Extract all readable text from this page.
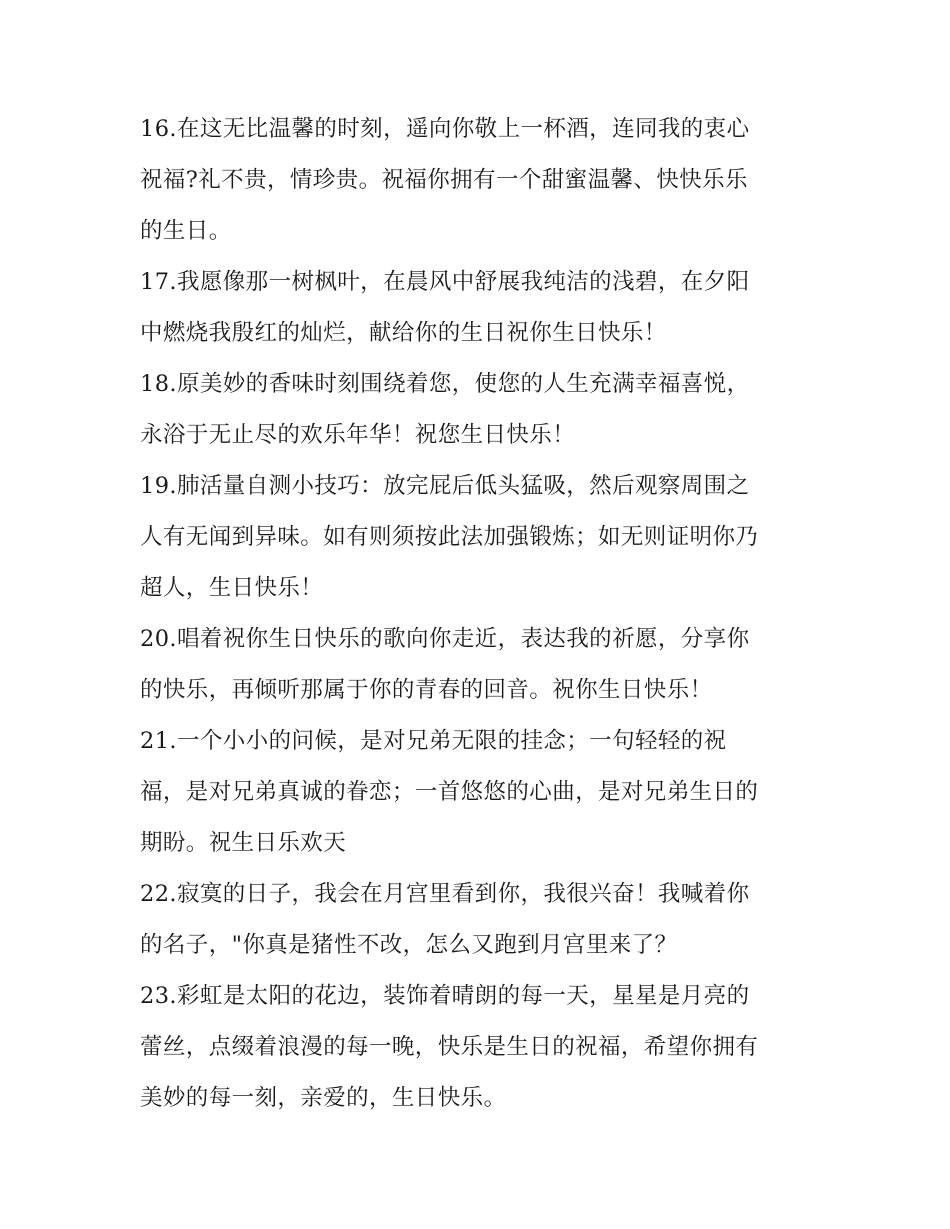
16.在这无比温馨的时刻，遥向你敬上一杯酒，连同我的衷心
祝福?礼不贵，情珍贵。祝福你拥有一个甜蜜温馨、快快乐乐
的生日。
17.我愿像那一树枫叶，在晨风中舒展我纯洁的浅碧，在夕阳
中燃烧我殷红的灿烂，献给你的生日祝你生日快乐！
18.原美妙的香味时刻围绕着您，使您的人生充满幸福喜悦，
永浴于无止尽的欢乐年华！祝您生日快乐！
19.肺活量自测小技巧：放完屁后低头猛吸，然后观察周围之
人有无闻到异味。如有则须按此法加强锻炼；如无则证明你乃
超人，生日快乐！
20.唱着祝你生日快乐的歌向你走近，表达我的祈愿，分享你
的快乐，再倾听那属于你的青春的回音。祝你生日快乐！
21.一个小小的问候，是对兄弟无限的挂念；一句轻轻的祝
福，是对兄弟真诚的眷恋；一首悠悠的心曲，是对兄弟生日的
期盼。祝生日乐欢天
22.寂寞的日子，我会在月宫里看到你，我很兴奋！我喊着你
的名子，"你真是猪性不改，怎么又跑到月宫里来了？
23.彩虹是太阳的花边，装饰着晴朗的每一天，星星是月亮的
蕾丝，点缀着浪漫的每一晚，快乐是生日的祝福，希望你拥有
美妙的每一刻，亲爱的，生日快乐。
